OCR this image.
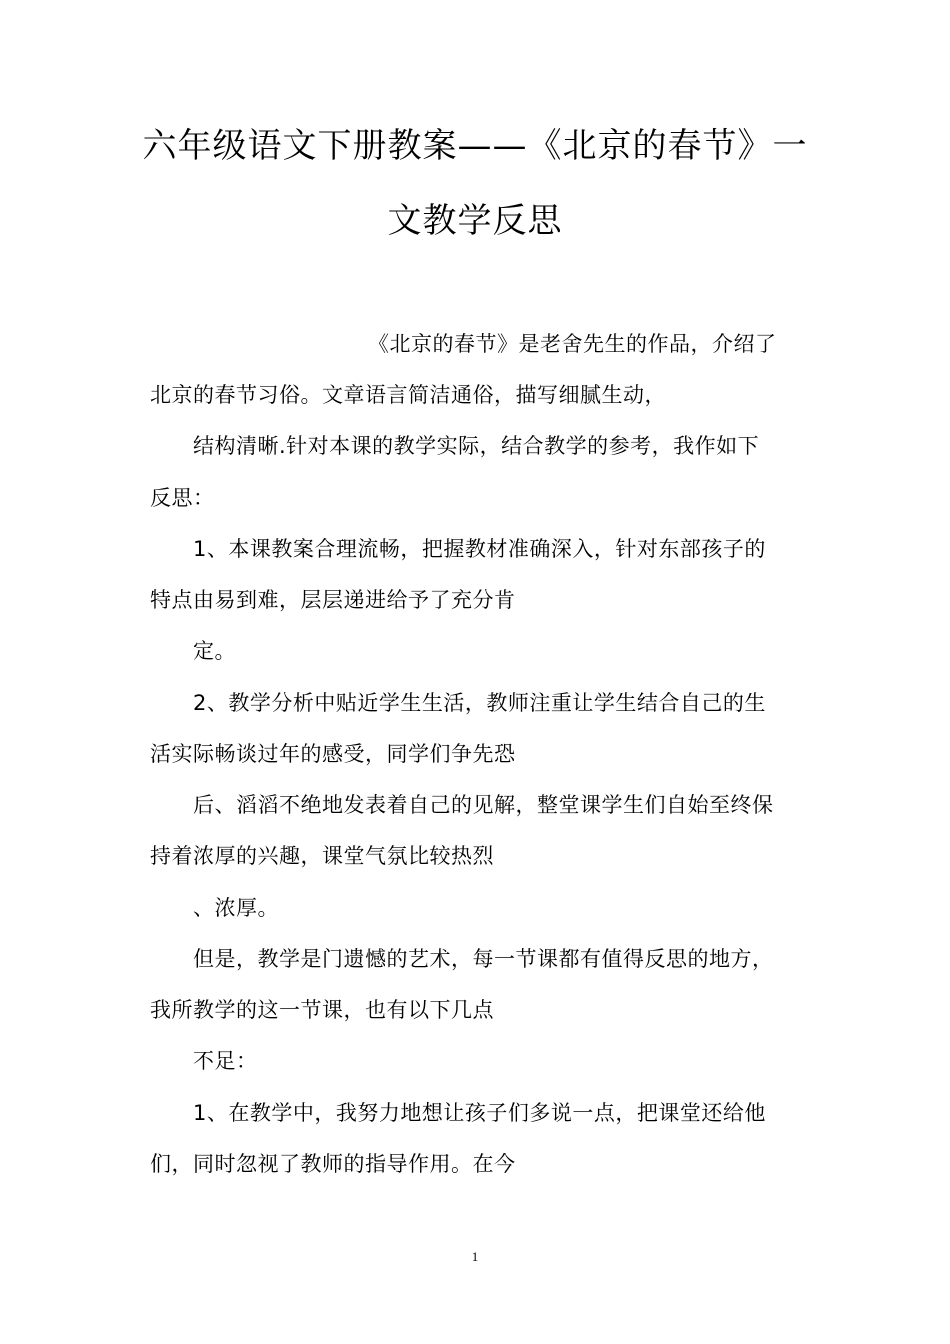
六年级语文下册教案——《北京的春节》一
文教学反思
《北京的春节》是老舍先生的作品，介绍了
北京的春节习俗。文章语言简洁通俗，描写细腻生动，
结构清晰.针对本课的教学实际，结合教学的参考，我作如下
反思：
1、本课教案合理流畅，把握教材准确深入，针对东部孩子的
特点由易到难，层层递进给予了充分肯
定。
2、教学分析中贴近学生生活，教师注重让学生结合自己的生
活实际畅谈过年的感受，同学们争先恐
后、滔滔不绝地发表着自己的见解，整堂课学生们自始至终保
持着浓厚的兴趣，课堂气氛比较热烈
、浓厚。
但是，教学是门遗憾的艺术，每一节课都有值得反思的地方，
我所教学的这一节课，也有以下几点
不足：
1、在教学中，我努力地想让孩子们多说一点，把课堂还给他
们，同时忽视了教师的指导作用。在今
1
